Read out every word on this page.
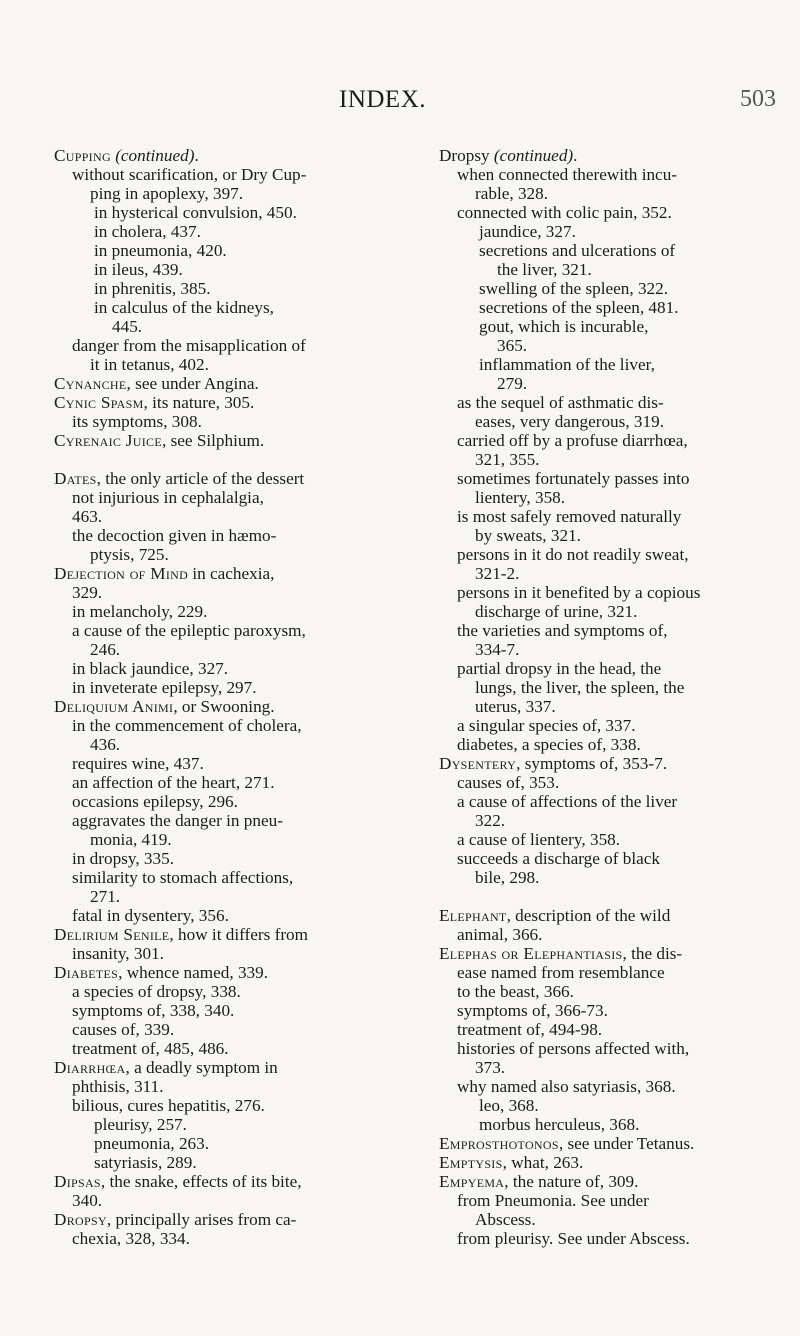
INDEX.	503
Cupping (continued).
without scarification, or Dry Cup-
ping in apoplexy, 397.
in hysterical convulsion, 450.
in cholera, 437.
in pneumonia, 420.
in ileus, 439.
in phrenitis, 385.
in calculus of the kidneys,
445.
danger from the misapplication of
it in tetanus, 402.
Cynanche, see under Angina.
Cynic Spasm, its nature, 305.
its symptoms, 308.
Cyrenaic Juice, see Silphium.
Dates, the only article of the dessert
not injurious in cephalalgia,
463.
the decoction given in hæmo-
ptysis, 725.
Dejection of Mind in cachexia,
329.
in melancholy, 229.
a cause of the epileptic paroxysm,
246.
in black jaundice, 327.
in inveterate epilepsy, 297.
Deliquium Animi, or Swooning.
in the commencement of cholera,
436.
requires wine, 437.
an affection of the heart, 271.
occasions epilepsy, 296.
aggravates the danger in pneu-
monia, 419.
in dropsy, 335.
similarity to stomach affections,
271.
fatal in dysentery, 356.
Delirium Senile, how it differs from
insanity, 301.
Diabetes, whence named, 339.
a species of dropsy, 338.
symptoms of, 338, 340.
causes of, 339.
treatment of, 485, 486.
Diarrhœa, a deadly symptom in
phthisis, 311.
bilious, cures hepatitis, 276.
pleurisy, 257.
pneumonia, 263.
satyriasis, 289.
Dipsas, the snake, effects of its bite,
340.
Dropsy, principally arises from ca-
chexia, 328, 334.
Dropsy (continued).
when connected therewith incu-
rable, 328.
connected with colic pain, 352.
jaundice, 327.
secretions and ulcerations of
the liver, 321.
swelling of the spleen, 322.
secretions of the spleen, 481.
gout, which is incurable,
365.
inflammation of the liver,
279.
as the sequel of asthmatic dis-
eases, very dangerous, 319.
carried off by a profuse diarrhœa,
321, 355.
sometimes fortunately passes into
lientery, 358.
is most safely removed naturally
by sweats, 321.
persons in it do not readily sweat,
321-2.
persons in it benefited by a copious
discharge of urine, 321.
the varieties and symptoms of,
334-7.
partial dropsy in the head, the
lungs, the liver, the spleen, the
uterus, 337.
a singular species of, 337.
diabetes, a species of, 338.
Dysentery, symptoms of, 353-7.
causes of, 353.
a cause of affections of the liver
322.
a cause of lientery, 358.
succeeds a discharge of black
bile, 298.
Elephant, description of the wild
animal, 366.
Elephas or Elephantiasis, the dis-
ease named from resemblance
to the beast, 366.
symptoms of, 366-73.
treatment of, 494-98.
histories of persons affected with,
373.
why named also satyriasis, 368.
leo, 368.
morbus herculeus, 368.
Emprosthotonos, see under Tetanus.
Emptysis, what, 263.
Empyema, the nature of, 309.
from Pneumonia. See under
Abscess.
from pleurisy. See under Abscess.
